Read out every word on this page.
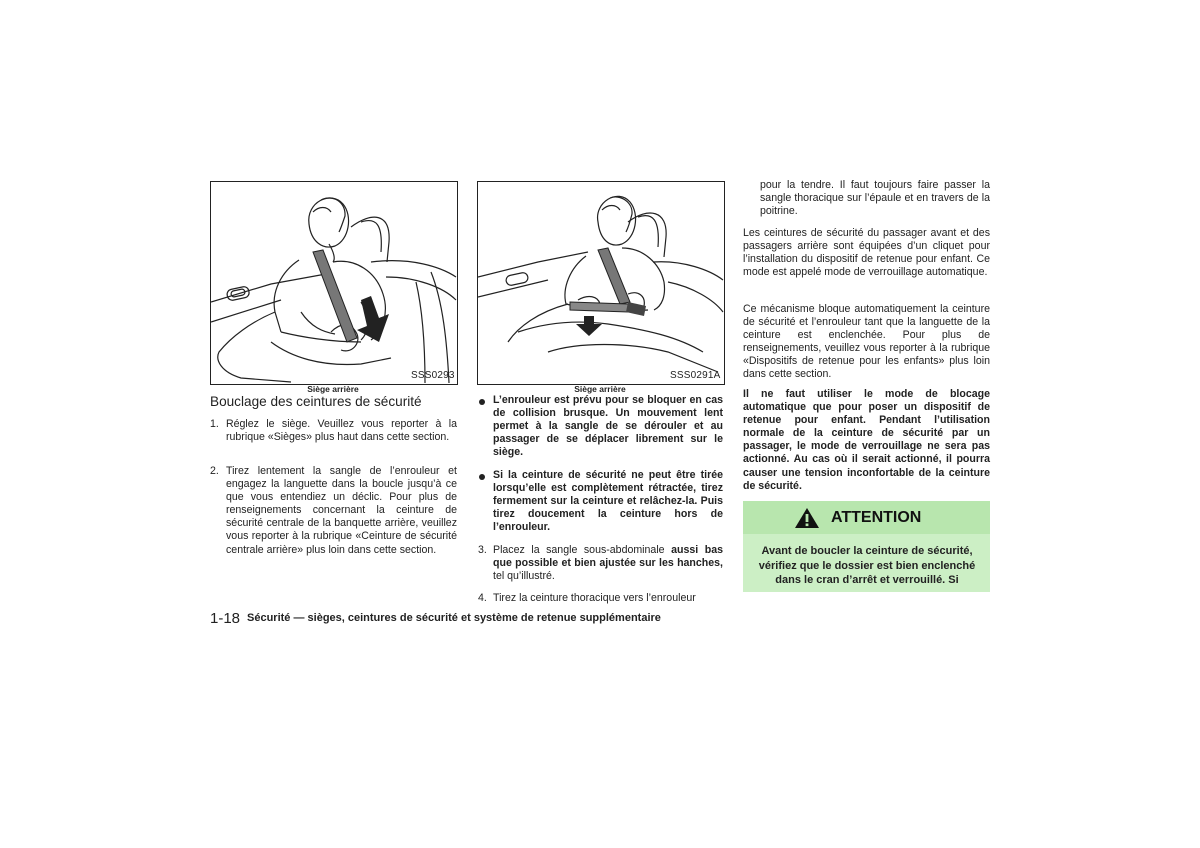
SSS0293
Siège arrière
SSS0291A
Siège arrière
Bouclage des ceintures de sécurité
1. Réglez le siège. Veuillez vous reporter à la rubrique «Sièges» plus haut dans cette section.
2. Tirez lentement la sangle de l’enrouleur et engagez la languette dans la boucle jusqu’à ce que vous entendiez un déclic. Pour plus de renseignements concernant la ceinture de sécurité centrale de la banquette arrière, veuillez vous reporter à la rubrique «Ceinture de sécurité centrale arrière» plus loin dans cette section.
L’enrouleur est prévu pour se bloquer en cas de collision brusque. Un mouvement lent permet à la sangle de se dérouler et au passager de se déplacer librement sur le siège.
Si la ceinture de sécurité ne peut être tirée lorsqu’elle est complètement rétractée, tirez fermement sur la ceinture et relâchez-la. Puis tirez doucement la ceinture hors de l’enrouleur.
3. Placez la sangle sous-abdominale aussi bas que possible et bien ajustée sur les hanches, tel qu’illustré.
4. Tirez la ceinture thoracique vers l’enrouleur
pour la tendre. Il faut toujours faire passer la sangle thoracique sur l’épaule et en travers de la poitrine.
Les ceintures de sécurité du passager avant et des passagers arrière sont équipées d’un cliquet pour l’installation du dispositif de retenue pour enfant. Ce mode est appelé mode de verrouillage automatique.
Ce mécanisme bloque automatiquement la ceinture de sécurité et l’enrouleur tant que la languette de la ceinture est enclenchée. Pour plus de renseignements, veuillez vous reporter à la rubrique «Dispositifs de retenue pour les enfants» plus loin dans cette section.
Il ne faut utiliser le mode de blocage automatique que pour poser un dispositif de retenue pour enfant. Pendant l’utilisation normale de la ceinture de sécurité par un passager, le mode de verrouillage ne sera pas actionné. Au cas où il serait actionné, il pourra causer une tension inconfortable de la ceinture de sécurité.
ATTENTION
Avant de boucler la ceinture de sécurité, vérifiez que le dossier est bien enclenché dans le cran d’arrêt et verrouillé. Si
1-18 Sécurité — sièges, ceintures de sécurité et système de retenue supplémentaire
